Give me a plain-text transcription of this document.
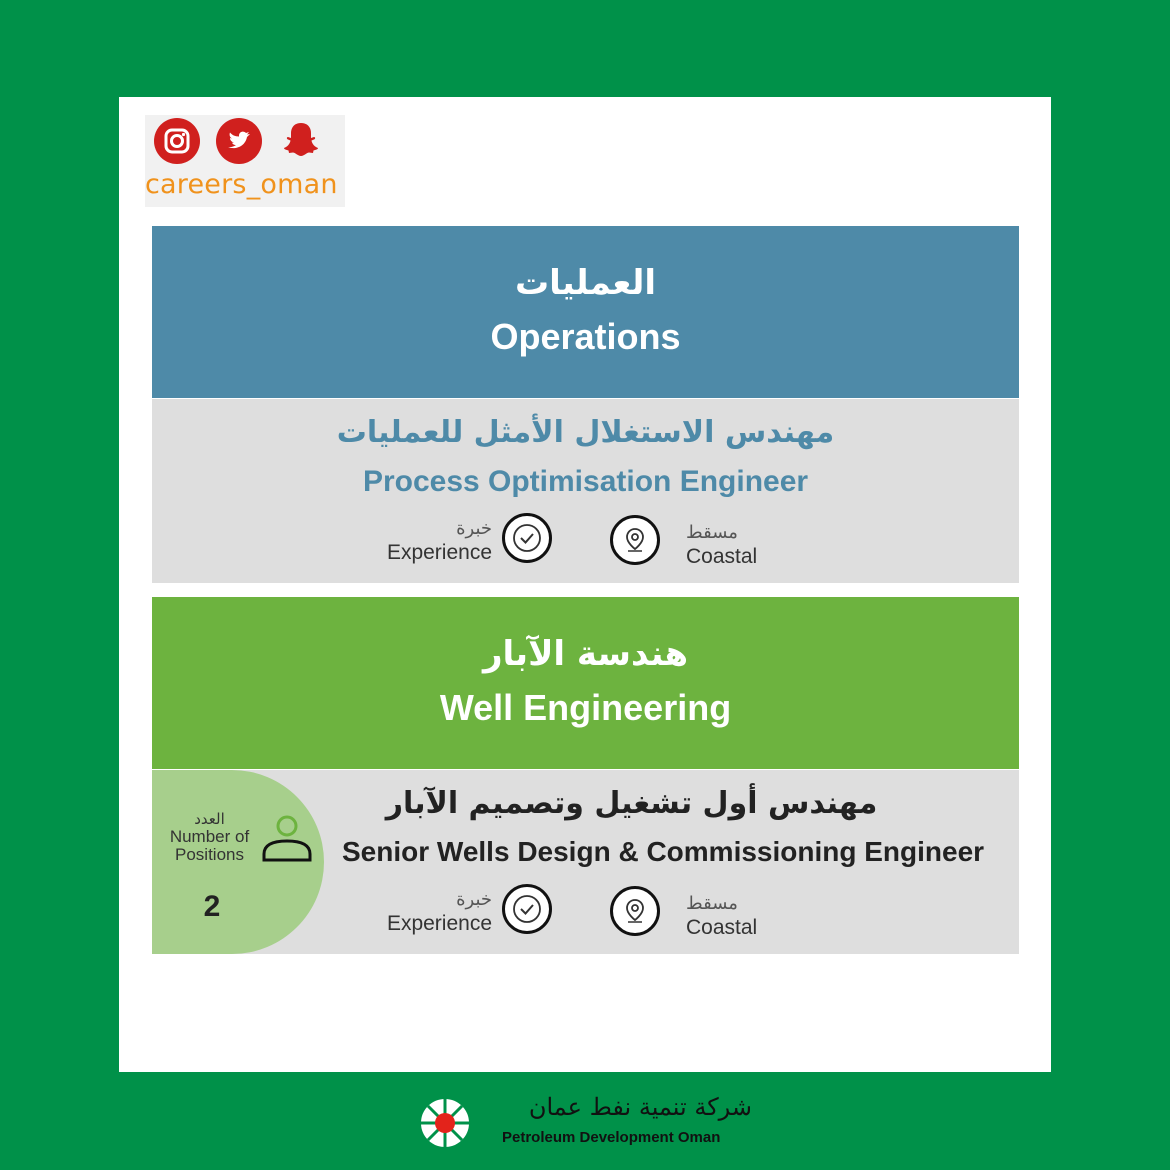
careers_oman
العمليات
Operations
مهندس الاستغلال الأمثل للعمليات
Process Optimisation Engineer
خبرة
Experience
مسقط
Coastal
هندسة الآبار
Well Engineering
العدد
Number of Positions
2
مهندس أول تشغيل وتصميم الآبار
Senior Wells Design & Commissioning Engineer
خبرة
Experience
مسقط
Coastal
شركة تنمية نفط عمان
Petroleum Development Oman
